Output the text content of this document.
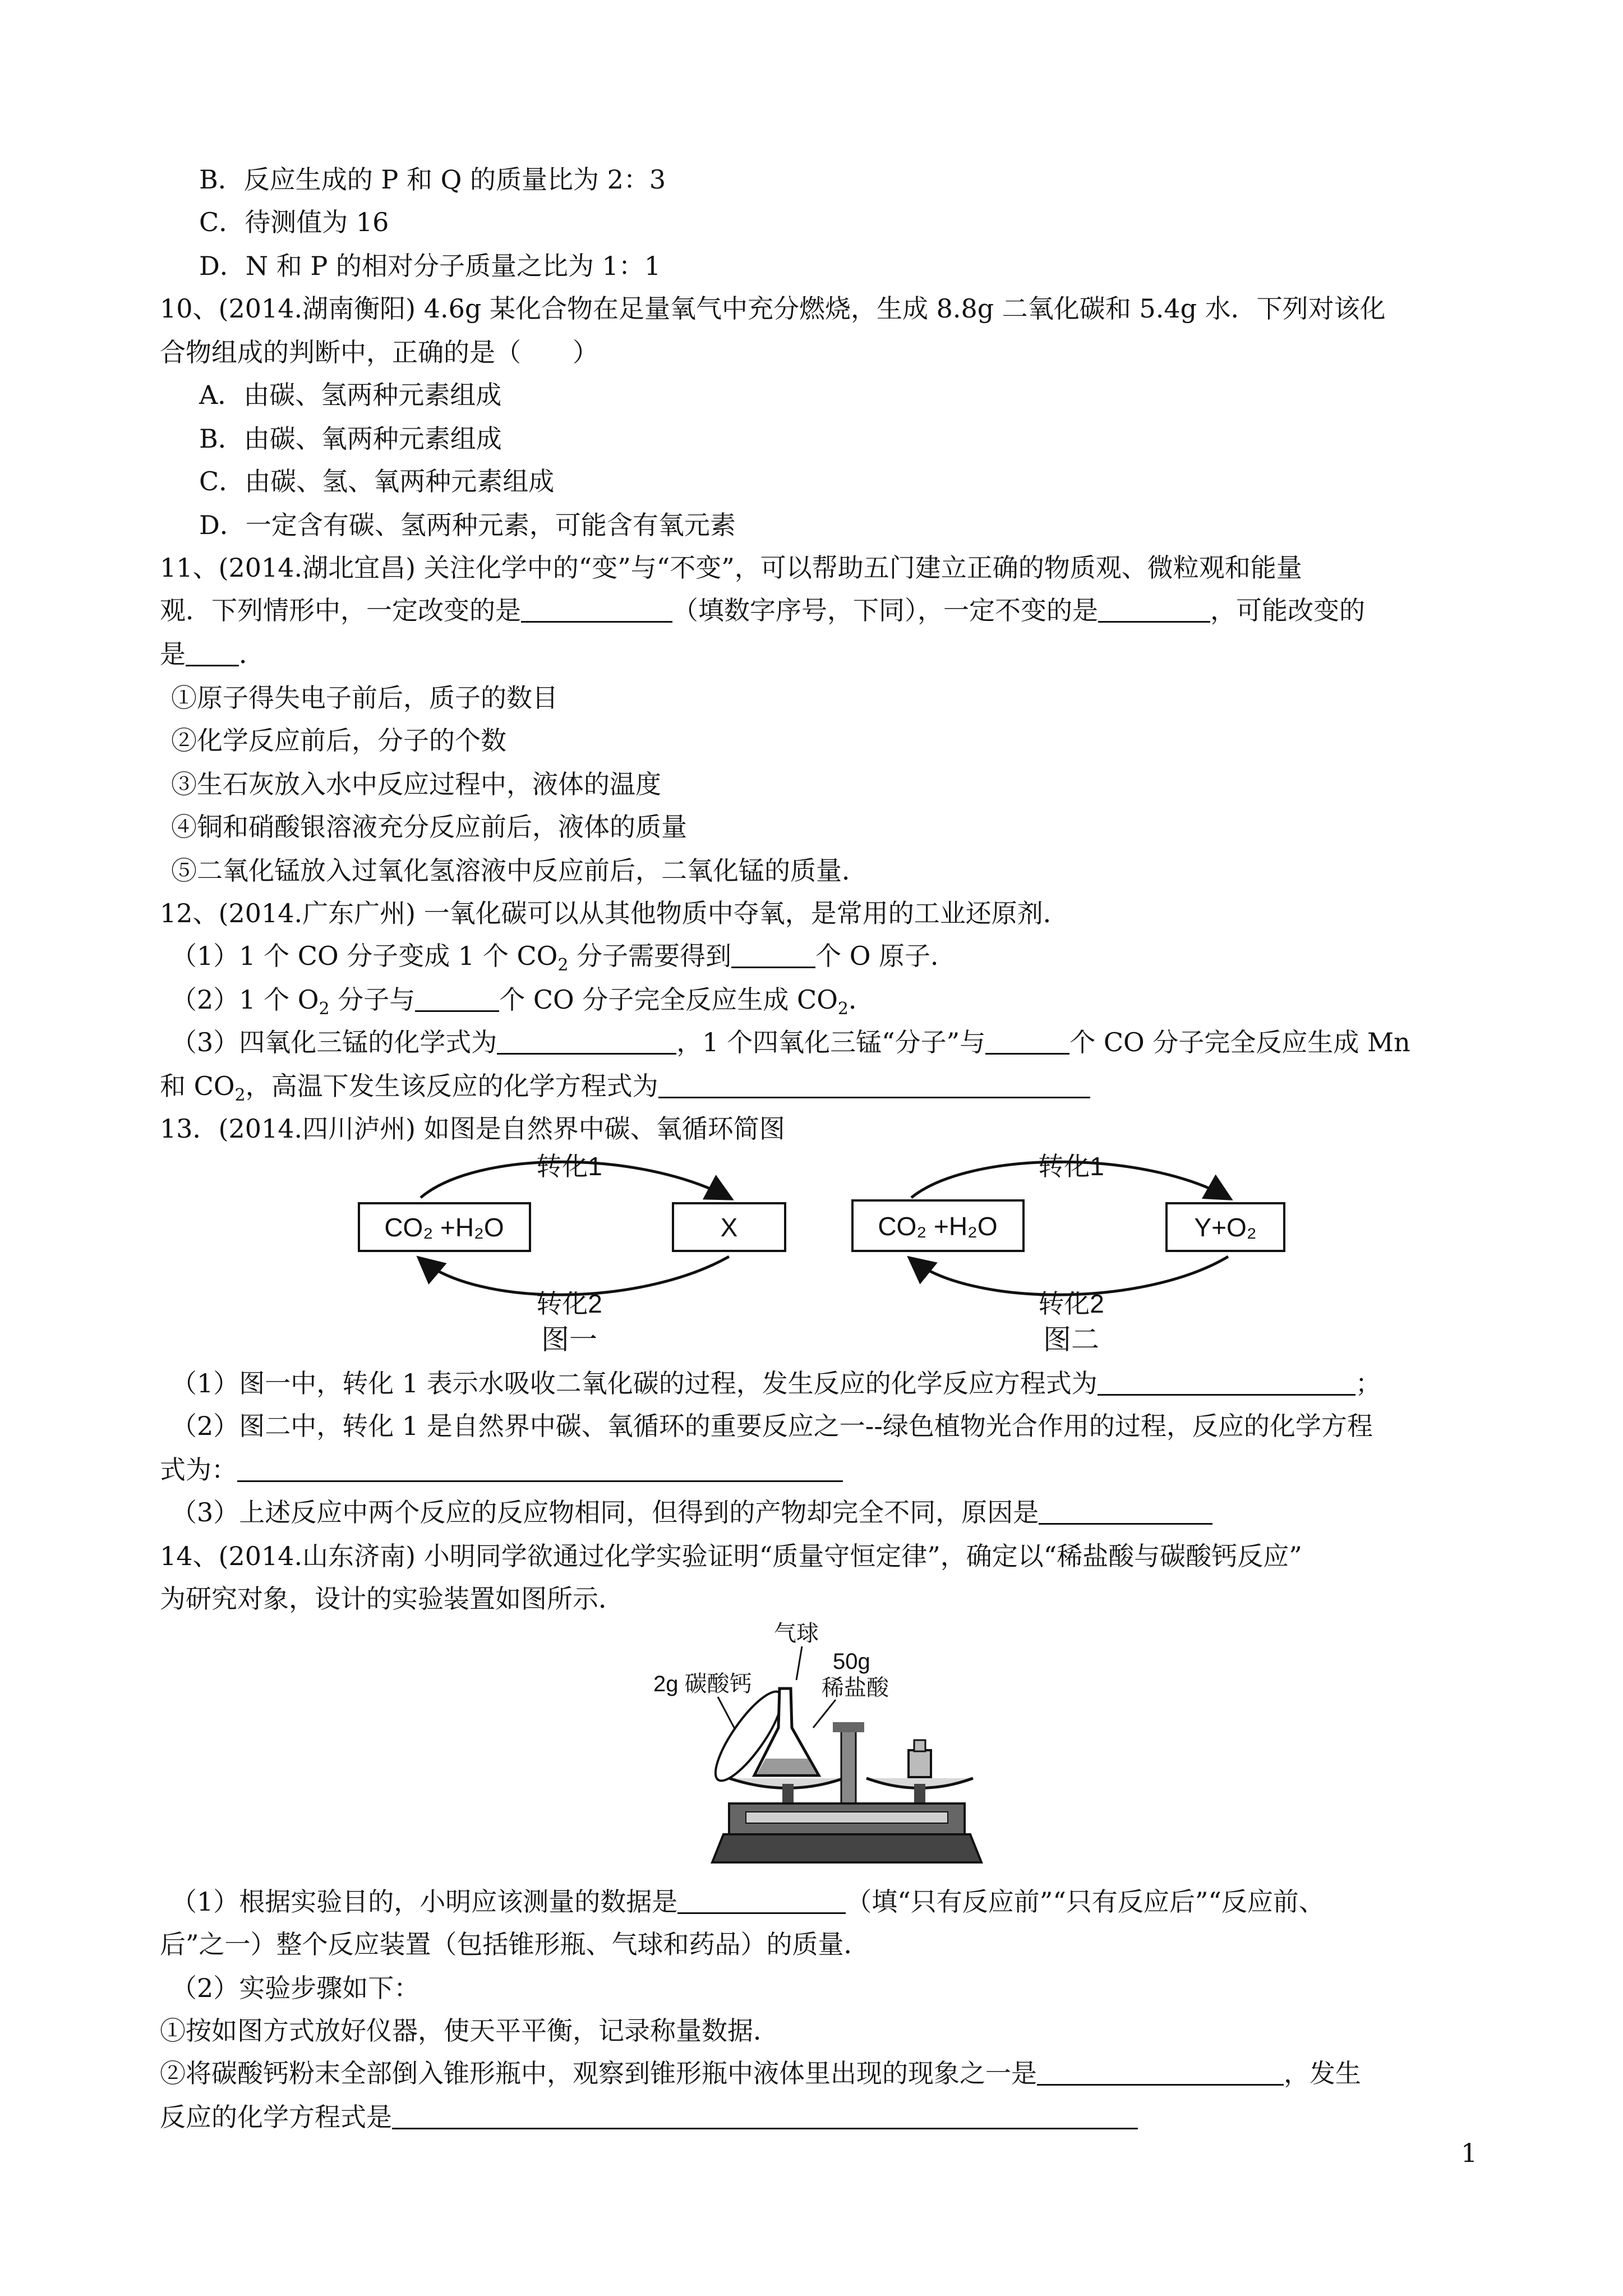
B．反应生成的 P 和 Q 的质量比为 2：3
C．待测值为 16
D．N 和 P 的相对分子质量之比为 1：1
10、(2014.湖南衡阳) 4.6g 某化合物在足量氧气中充分燃烧，生成 8.8g 二氧化碳和 5.4g 水．下列对该化
合物组成的判断中，正确的是（　　）
A．由碳、氢两种元素组成
B．由碳、氧两种元素组成
C．由碳、氢、氧两种元素组成
D．一定含有碳、氢两种元素，可能含有氧元素
11、(2014.湖北宜昌) 关注化学中的“变”与“不变”，可以帮助五门建立正确的物质观、微粒观和能量
观．下列情形中，一定改变的是	（填数字序号，下同），一定不变的是	，可能改变的
是 ．
①原子得失电子前后，质子的数目
②化学反应前后，分子的个数
③生石灰放入水中反应过程中，液体的温度
④铜和硝酸银溶液充分反应前后，液体的质量
⑤二氧化锰放入过氧化氢溶液中反应前后，二氧化锰的质量．
12、(2014.广东广州) 一氧化碳可以从其他物质中夺氧，是常用的工业还原剂．
（1）1 个 CO 分子变成 1 个 $CO_2$ 分子需要得到	个 O 原子．
（2）1 个 $O_2$ 分子与	个 CO 分子完全反应生成 $CO_2$．
（3）四氧化三锰的化学式为	，1 个四氧化三锰“分子”与	个 CO 分子完全反应生成 Mn
和 $CO_2$，高温下发生该反应的化学方程式为
13．(2014.四川泸州) 如图是自然界中碳、氧循环简图
CO₂ +H₂O	X
转化1
转化2
图一
CO₂ +H₂O	Y+O₂
转化1
转化2
图二
（1）图一中，转化 1 表示水吸收二氧化碳的过程，发生反应的化学反应方程式为	；
（2）图二中，转化 1 是自然界中碳、氧循环的重要反应之一--绿色植物光合作用的过程，反应的化学方程
式为：
（3）上述反应中两个反应的反应物相同，但得到的产物却完全不同，原因是
14、(2014.山东济南) 小明同学欲通过化学实验证明“质量守恒定律”，确定以“稀盐酸与碳酸钙反应”
为研究对象，设计的实验装置如图所示．
气球
2g 碳酸钙
50g
稀盐酸
（1）根据实验目的，小明应该测量的数据是	（填“只有反应前”“只有反应后”“反应前、
后”之一）整个反应装置（包括锥形瓶、气球和药品）的质量．
（2）实验步骤如下：
①按如图方式放好仪器，使天平平衡，记录称量数据．
②将碳酸钙粉末全部倒入锥形瓶中，观察到锥形瓶中液体里出现的现象之一是	，发生
反应的化学方程式是
1
